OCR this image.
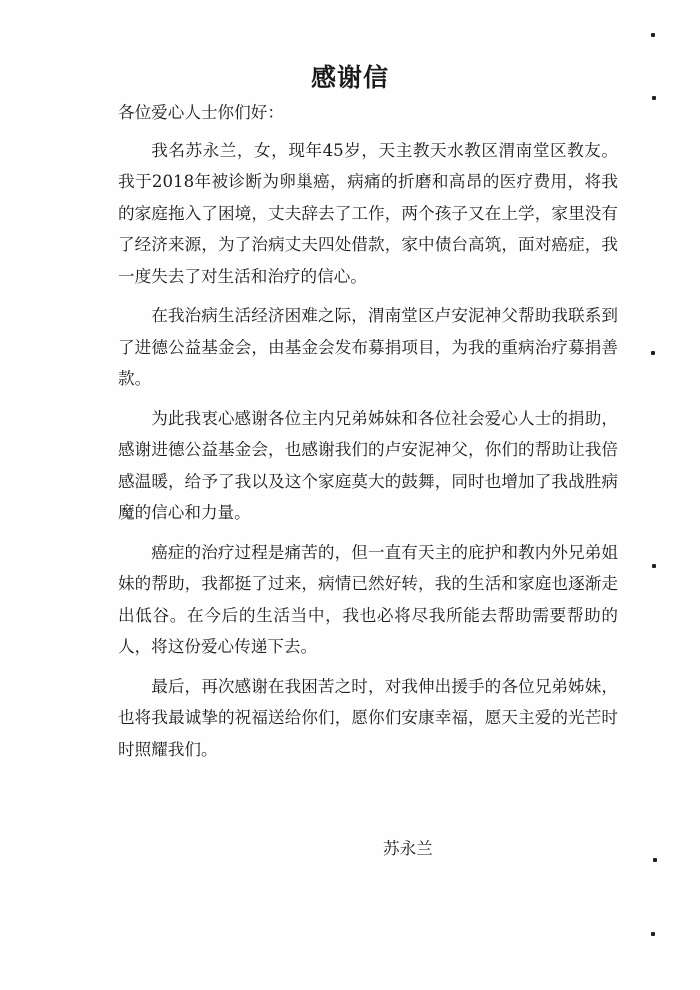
感谢信

各位爱心人士你们好：

我名苏永兰，女，现年45岁，天主教天水教区渭南堂区教友。我于2018年被诊断为卵巢癌，病痛的折磨和高昂的医疗费用，将我的家庭拖入了困境，丈夫辞去了工作，两个孩子又在上学，家里没有了经济来源，为了治病丈夫四处借款，家中债台高筑，面对癌症，我一度失去了对生活和治疗的信心。

在我治病生活经济困难之际，渭南堂区卢安泥神父帮助我联系到了进德公益基金会，由基金会发布募捐项目，为我的重病治疗募捐善款。

为此我衷心感谢各位主内兄弟姊妹和各位社会爱心人士的捐助，感谢进德公益基金会，也感谢我们的卢安泥神父，你们的帮助让我倍感温暖，给予了我以及这个家庭莫大的鼓舞，同时也增加了我战胜病魔的信心和力量。

癌症的治疗过程是痛苦的，但一直有天主的庇护和教内外兄弟姐妹的帮助，我都挺了过来，病情已然好转，我的生活和家庭也逐渐走出低谷。在今后的生活当中，我也必将尽我所能去帮助需要帮助的人，将这份爱心传递下去。

最后，再次感谢在我困苦之时，对我伸出援手的各位兄弟姊妹，也将我最诚挚的祝福送给你们，愿你们安康幸福，愿天主爱的光芒时时照耀我们。

苏永兰
